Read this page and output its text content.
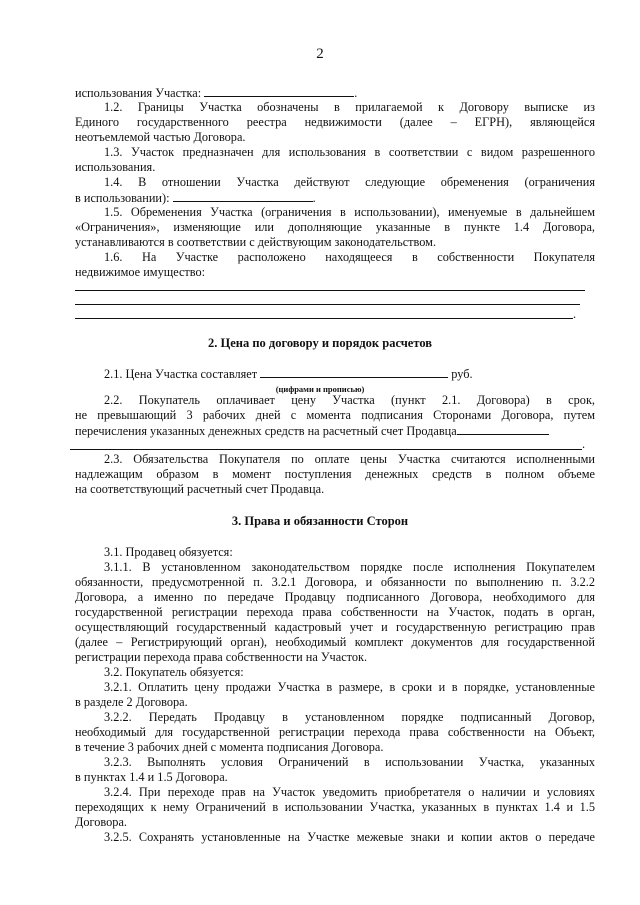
2
использования Участка:	.
1.2. Границы Участка обозначены в прилагаемой к Договору выписке из
Единого государственного реестра недвижимости (далее – ЕГРН), являющейся
неотъемлемой частью Договора.
1.3. Участок предназначен для использования в соответствии с видом разрешенного
использования.
1.4. В отношении Участка действуют следующие обременения (ограничения
в использовании):	.
1.5. Обременения Участка (ограничения в использовании), именуемые в дальнейшем
«Ограничения», изменяющие или дополняющие указанные в пункте 1.4 Договора,
устанавливаются в соответствии с действующим законодательством.
1.6. На Участке расположено находящееся в собственности Покупателя
недвижимое имущество:
.
2. Цена по договору и порядок расчетов
2.1. Цена Участка составляет	руб.
(цифрами и прописью)
2.2. Покупатель оплачивает цену Участка (пункт 2.1. Договора) в срок,
не превышающий 3 рабочих дней с момента подписания Сторонами Договора, путем
перечисления указанных денежных средств на расчетный счет Продавца
.
2.3. Обязательства Покупателя по оплате цены Участка считаются исполненными
надлежащим образом в момент поступления денежных средств в полном объеме
на соответствующий расчетный счет Продавца.
3. Права и обязанности Сторон
3.1. Продавец обязуется:
3.1.1. В установленном законодательством порядке после исполнения Покупателем
обязанности, предусмотренной п. 3.2.1 Договора, и обязанности по выполнению п. 3.2.2
Договора, а именно по передаче Продавцу подписанного Договора, необходимого для
государственной регистрации перехода права собственности на Участок, подать в орган,
осуществляющий государственный кадастровый учет и государственную регистрацию прав
(далее – Регистрирующий орган), необходимый комплект документов для государственной
регистрации перехода права собственности на Участок.
3.2. Покупатель обязуется:
3.2.1. Оплатить цену продажи Участка в размере, в сроки и в порядке, установленные
в разделе 2 Договора.
3.2.2. Передать Продавцу в установленном порядке подписанный Договор,
необходимый для государственной регистрации перехода права собственности на Объект,
в течение 3 рабочих дней с момента подписания Договора.
3.2.3. Выполнять условия Ограничений в использовании Участка, указанных
в пунктах 1.4 и 1.5 Договора.
3.2.4. При переходе прав на Участок уведомить приобретателя о наличии и условиях
переходящих к нему Ограничений в использовании Участка, указанных в пунктах 1.4 и 1.5
Договора.
3.2.5. Сохранять установленные на Участке межевые знаки и копии актов о передаче
